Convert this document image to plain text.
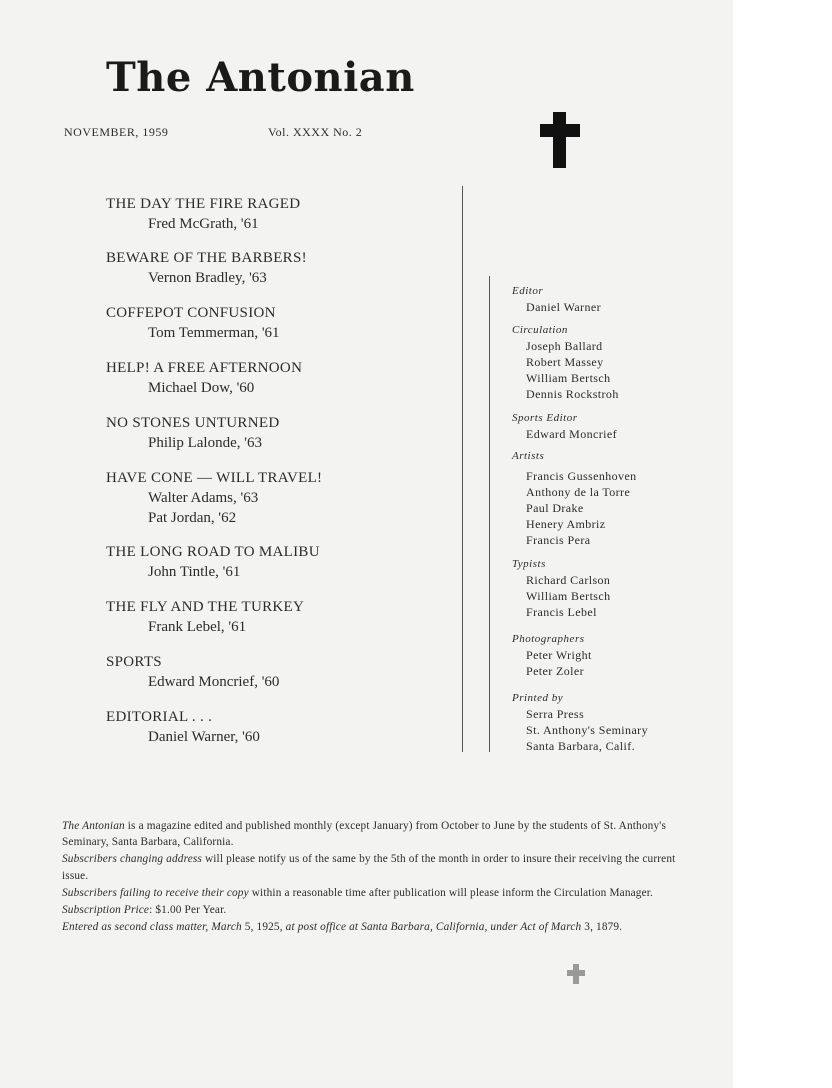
The Antonian
NOVEMBER, 1959	Vol. XXXX No. 2
THE DAY THE FIRE RAGED
Fred McGrath, '61
BEWARE OF THE BARBERS!
Vernon Bradley, '63
COFFEPOT CONFUSION
Tom Temmerman, '61
HELP! A FREE AFTERNOON
Michael Dow, '60
NO STONES UNTURNED
Philip Lalonde, '63
HAVE CONE — WILL TRAVEL!
Walter Adams, '63
Pat Jordan, '62
THE LONG ROAD TO MALIBU
John Tintle, '61
THE FLY AND THE TURKEY
Frank Lebel, '61
SPORTS
Edward Moncrief, '60
EDITORIAL . . .
Daniel Warner, '60
Editor
Daniel Warner
Circulation
Joseph Ballard
Robert Massey
William Bertsch
Dennis Rockstroh
Sports Editor
Edward Moncrief
Artists
Francis Gussenhoven
Anthony de la Torre
Paul Drake
Henery Ambriz
Francis Pera
Typists
Richard Carlson
William Bertsch
Francis Lebel
Photographers
Peter Wright
Peter Zoler
Printed by
Serra Press
St. Anthony's Seminary
Santa Barbara, Calif.

The Antonian is a magazine edited and published monthly (except January) from October to June by the students of St. Anthony's Seminary, Santa Barbara, California.

Subscribers changing address will please notify us of the same by the 5th of the month in order to insure their receiving the current issue.

Subscribers failing to receive their copy within a reasonable time after publication will please inform the Circulation Manager.

Subscription Price: $1.00 Per Year.

Entered as second class matter, March 5, 1925, at post office at Santa Barbara, California, under Act of March 3, 1879.
